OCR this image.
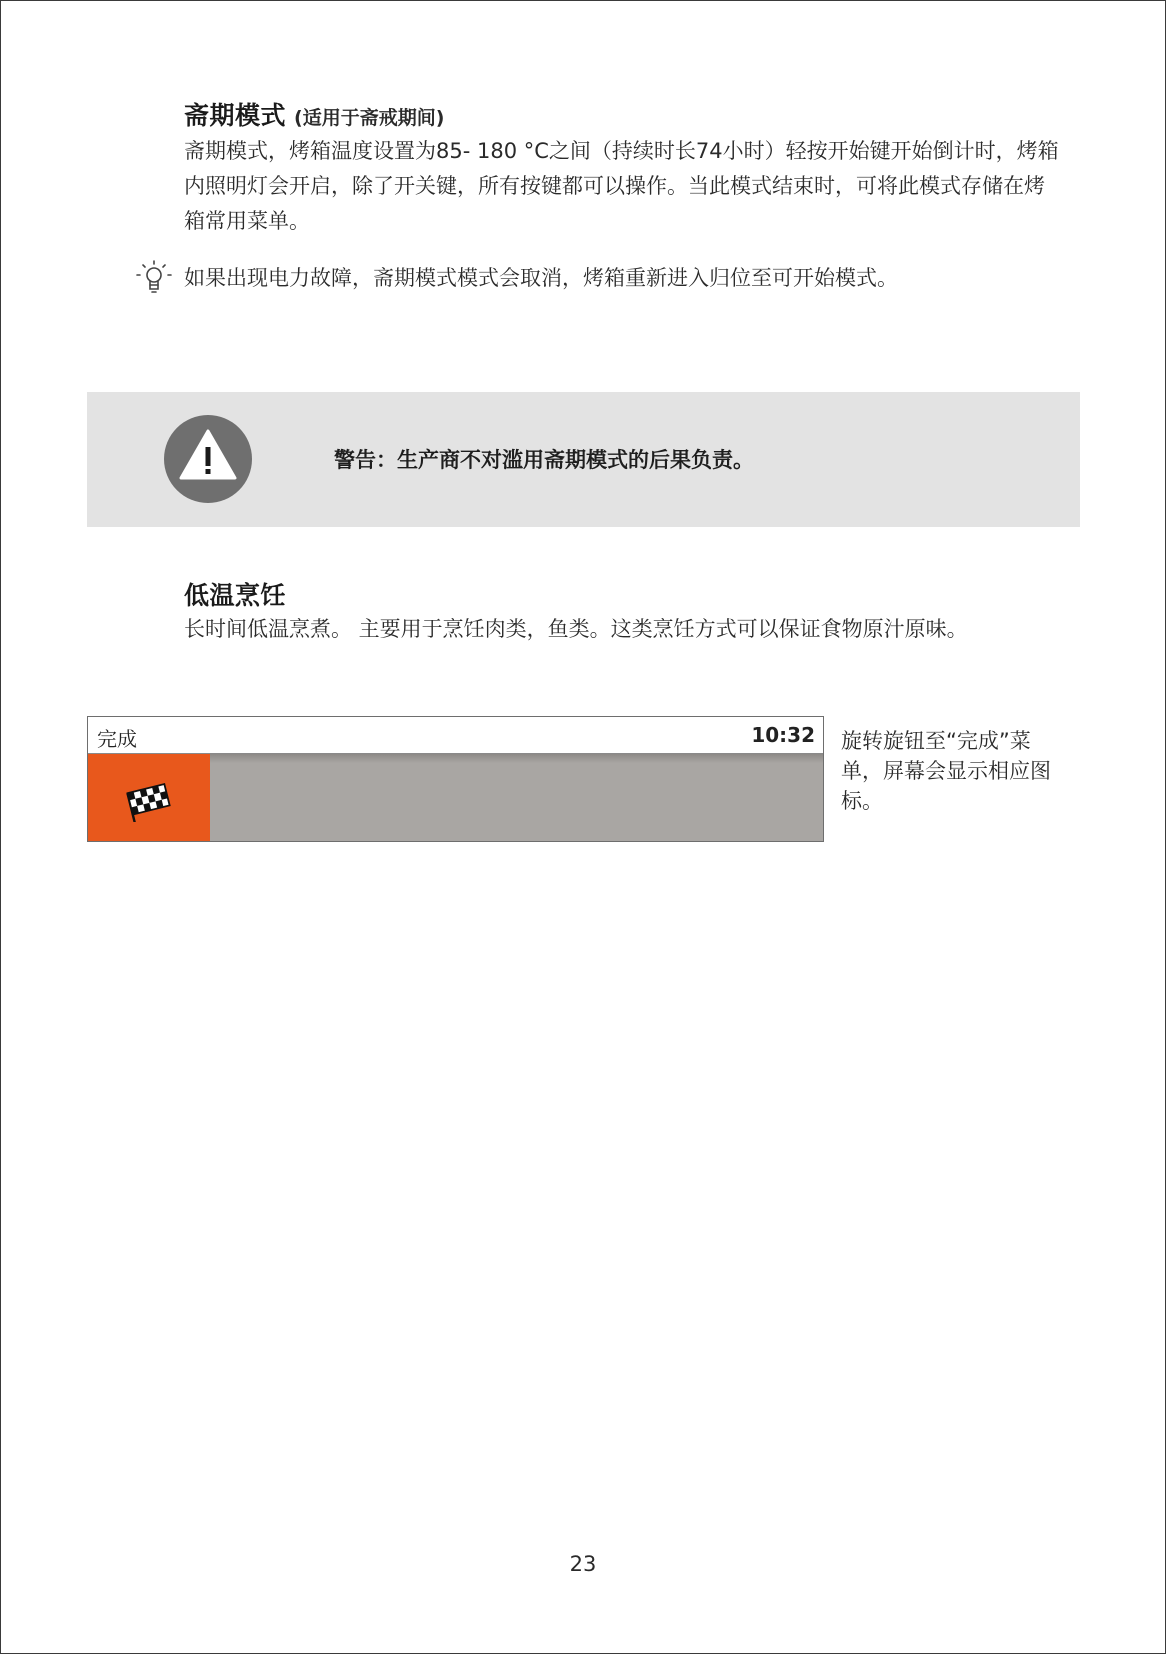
斋期模式 (适用于斋戒期间)
斋期模式，烤箱温度设置为85- 180 °C之间（持续时长74小时）轻按开始键开始倒计时，烤箱内照明灯会开启，除了开关键，所有按键都可以操作。当此模式结束时，可将此模式存储在烤箱常用菜单。
如果出现电力故障，斋期模式模式会取消，烤箱重新进入归位至可开始模式。
警告：生产商不对滥用斋期模式的后果负责。
低温烹饪
长时间低温烹煮。 主要用于烹饪肉类，鱼类。这类烹饪方式可以保证食物原汁原味。
完成	10:32 旋转旋钮至“完成”菜单，屏幕会显示相应图标。
23
